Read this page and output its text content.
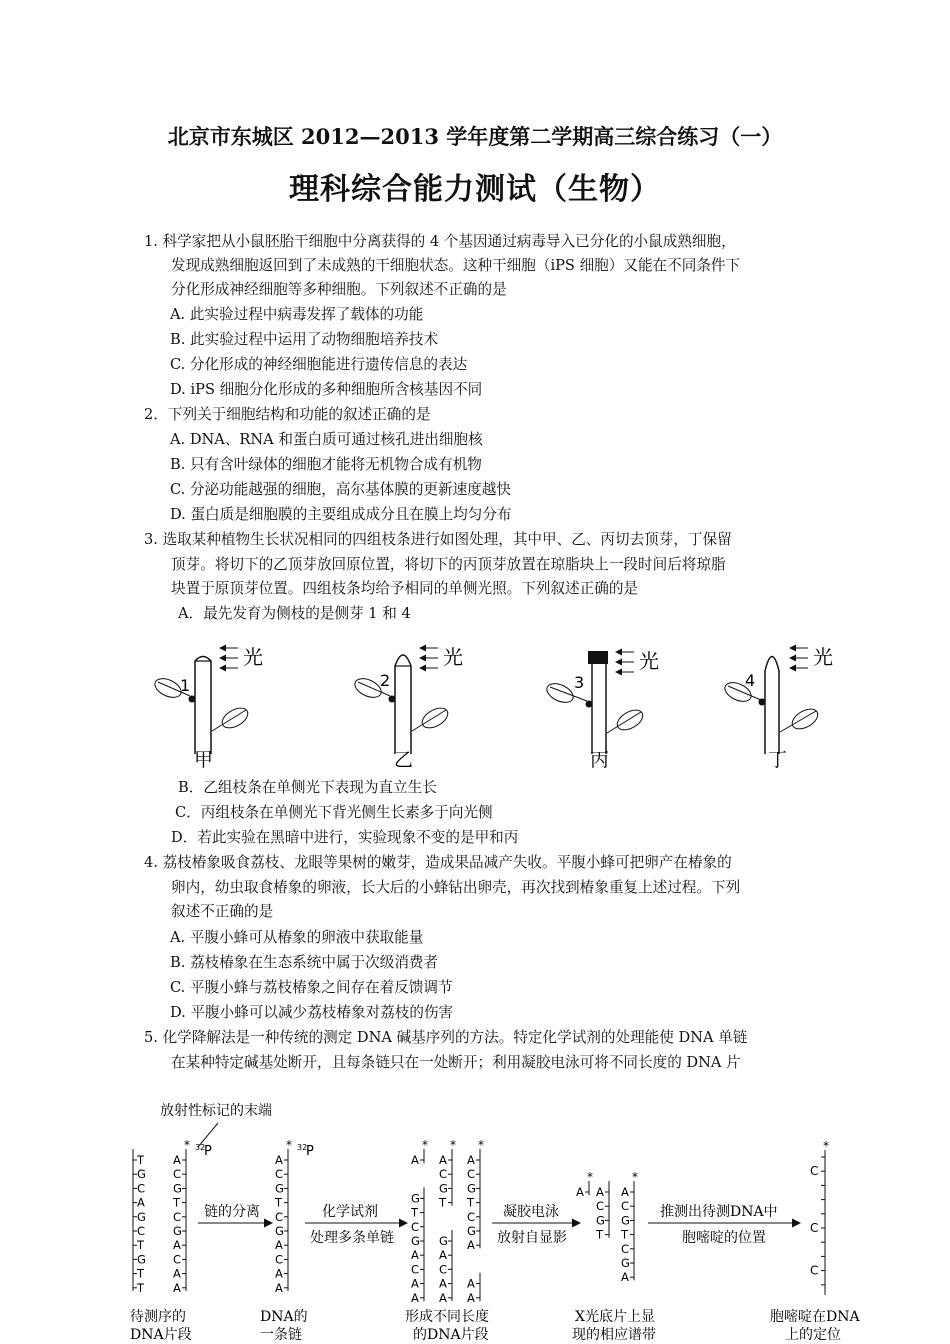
北京市东城区 2012—2013 学年度第二学期高三综合练习（一）
理科综合能力测试（生物）
1. 科学家把从小鼠胚胎干细胞中分离获得的 4 个基因通过病毒导入已分化的小鼠成熟细胞，
发现成熟细胞返回到了未成熟的干细胞状态。这种干细胞（iPS 细胞）又能在不同条件下
分化形成神经细胞等多种细胞。下列叙述不正确的是
A. 此实验过程中病毒发挥了载体的功能
B. 此实验过程中运用了动物细胞培养技术
C. 分化形成的神经细胞能进行遗传信息的表达
D. iPS 细胞分化形成的多种细胞所含核基因不同
2．下列关于细胞结构和功能的叙述正确的是
A. DNA、RNA 和蛋白质可通过核孔进出细胞核
B. 只有含叶绿体的细胞才能将无机物合成有机物
C. 分泌功能越强的细胞，高尔基体膜的更新速度越快
D. 蛋白质是细胞膜的主要组成成分且在膜上均匀分布
3. 选取某种植物生长状况相同的四组枝条进行如图处理，其中甲、乙、丙切去顶芽，丁保留
顶芽。将切下的乙顶芽放回原位置，将切下的丙顶芽放置在琼脂块上一段时间后将琼脂
块置于原顶芽位置。四组枝条均给予相同的单侧光照。下列叙述正确的是
A．最先发育为侧枝的是侧芽 1 和 4
1
光
甲
2
光
乙
3
光
丙
4
光
丁
B．乙组枝条在单侧光下表现为直立生长
C．丙组枝条在单侧光下背光侧生长素多于向光侧
D．若此实验在黑暗中进行，实验现象不变的是甲和丙
4. 荔枝椿象吸食荔枝、龙眼等果树的嫩芽，造成果品减产失收。平腹小蜂可把卵产在椿象的
卵内，幼虫取食椿象的卵液，长大后的小蜂钻出卵壳，再次找到椿象重复上述过程。下列
叙述不正确的是
A. 平腹小蜂可从椿象的卵液中获取能量
B. 荔枝椿象在生态系统中属于次级消费者
C. 平腹小蜂与荔枝椿象之间存在着反馈调节
D. 平腹小蜂可以减少荔枝椿象对荔枝的伤害
5. 化学降解法是一种传统的测定 DNA 碱基序列的方法。特定化学试剂的处理能使 DNA 单链
在某种特定碱基处断开，且每条链只在一处断开；利用凝胶电泳可将不同长度的 DNA 片
放射性标记的末端
T
G
C
A
G
C
T
G
T
T
A
C
G
T
C
G
A
C
A
A
* 32
P
A
C
G
T
C
G
A
C
A
A
* 32
P
A
*
G
T
C
G
A
C
A
A
A
C
G
T
*
G
A
C
A
A
A
C
G
T
C
G
A
*
A
A
A
*
A
C
G
T
A
C
G
T
C
G
A
*
*
C
C
C
链的分离	化学试剂
处理多条单链
凝胶电泳
放射自显影
推测出待测DNA中
胞嘧啶的位置
待测序的
DNA片段
DNA的
一条链
形成不同长度
的DNA片段
X光底片上显
现的相应谱带
胞嘧啶在DNA
上的定位
